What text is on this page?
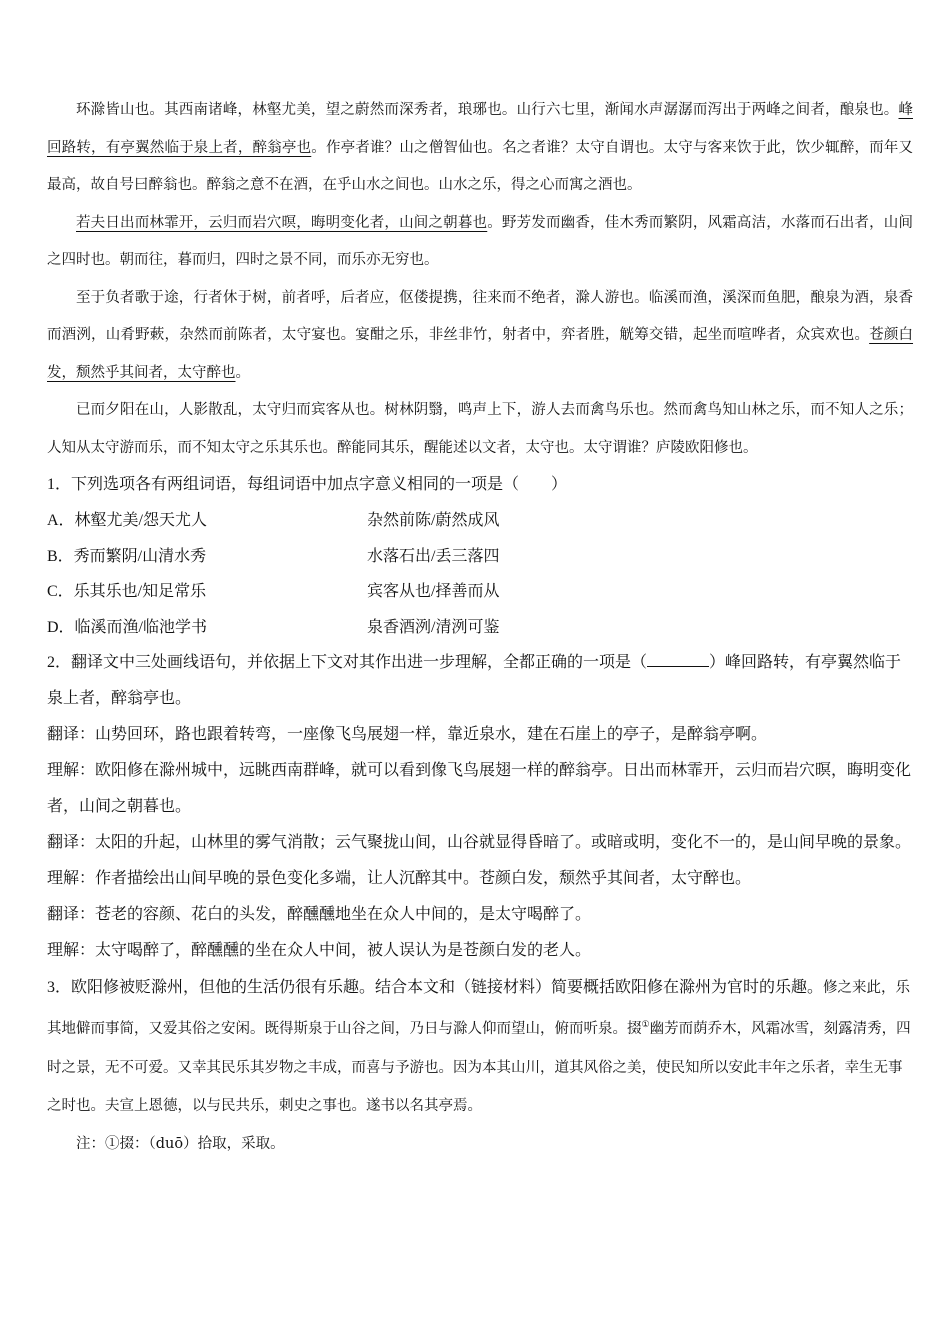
环滁皆山也。其西南诸峰，林壑尤美，望之蔚然而深秀者，琅琊也。山行六七里，渐闻水声潺潺而泻出于两峰之间者，酿泉也。峰回路转，有亭翼然临于泉上者，醉翁亭也。作亭者谁？山之僧智仙也。名之者谁？太守自谓也。太守与客来饮于此，饮少辄醉，而年又最高，故自号曰醉翁也。醉翁之意不在酒，在乎山水之间也。山水之乐，得之心而寓之酒也。

若夫日出而林霏开，云归而岩穴暝，晦明变化者，山间之朝暮也。野芳发而幽香，佳木秀而繁阴，风霜高洁，水落而石出者，山间之四时也。朝而往，暮而归，四时之景不同，而乐亦无穷也。

至于负者歌于途，行者休于树，前者呼，后者应，伛偻提携，往来而不绝者，滁人游也。临溪而渔，溪深而鱼肥，酿泉为酒，泉香而酒洌，山肴野蔌，杂然而前陈者，太守宴也。宴酣之乐，非丝非竹，射者中，弈者胜，觥筹交错，起坐而喧哗者，众宾欢也。苍颜白发，颓然乎其间者，太守醉也。

已而夕阳在山，人影散乱，太守归而宾客从也。树林阴翳，鸣声上下，游人去而禽鸟乐也。然而禽鸟知山林之乐，而不知人之乐；人知从太守游而乐，而不知太守之乐其乐也。醉能同其乐，醒能述以文者，太守也。太守谓谁？庐陵欧阳修也。

1．下列选项各有两组词语，每组词语中加点字意义相同的一项是（　　）

A．林壑尤美/怨天尤人	杂然前陈/蔚然成风
B．秀而繁阴/山清水秀	水落石出/丢三落四
C．乐其乐也/知足常乐	宾客从也/择善而从
D．临溪而渔/临池学书	泉香酒洌/清洌可鉴

2．翻译文中三处画线语句，并依据上下文对其作出进一步理解，全都正确的一项是（	）峰回路转，有亭翼然临于泉上者，醉翁亭也。

翻译：山势回环，路也跟着转弯，一座像飞鸟展翅一样，靠近泉水，建在石崖上的亭子，是醉翁亭啊。

理解：欧阳修在滁州城中，远眺西南群峰，就可以看到像飞鸟展翅一样的醉翁亭。日出而林霏开，云归而岩穴暝，晦明变化者，山间之朝暮也。

翻译：太阳的升起，山林里的雾气消散；云气聚拢山间，山谷就显得昏暗了。或暗或明，变化不一的，是山间早晚的景象。

理解：作者描绘出山间早晚的景色变化多端，让人沉醉其中。苍颜白发，颓然乎其间者，太守醉也。

翻译：苍老的容颜、花白的头发，醉醺醺地坐在众人中间的，是太守喝醉了。

理解：太守喝醉了，醉醺醺的坐在众人中间，被人误认为是苍颜白发的老人。

3．欧阳修被贬滁州，但他的生活仍很有乐趣。结合本文和（链接材料）简要概括欧阳修在滁州为官时的乐趣。修之来此，乐其地僻而事简，又爱其俗之安闲。既得斯泉于山谷之间，乃日与滁人仰而望山，俯而听泉。掇①幽芳而荫乔木，风霜冰雪，刻露清秀，四时之景，无不可爱。又幸其民乐其岁物之丰成，而喜与予游也。因为本其山川，道其风俗之美，使民知所以安此丰年之乐者，幸生无事之时也。夫宣上恩德，以与民共乐，刺史之事也。遂书以名其亭焉。

注：①掇：（duō）拾取，采取。
